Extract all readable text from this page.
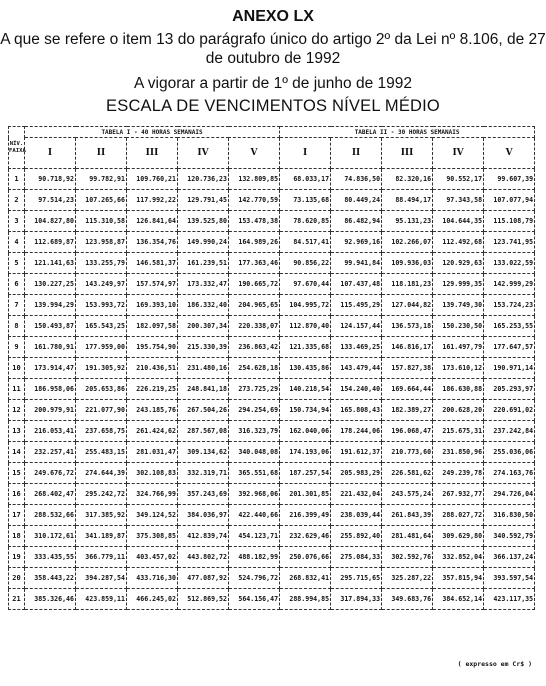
ANEXO LX
A que se refere o item 13 do parágrafo único do artigo 2º da Lei nº 8.106, de 27 de outubro de 1992
A vigorar a partir de 1º de junho de 1992
ESCALA DE VENCIMENTOS NÍVEL MÉDIO
NÍV. FAIXA	TABELA I - 40 HORAS SEMANAIS					TABELA II - 30 HORAS SEMANAIS				
	I	II	III	IV	V	I	II	III	IV	V
1	90.718,92	99.782,91	109.760,21	120.736,23	132.809,85	68.033,17	74.836,50	82.320,16	90.552,17	99.607,39
2	97.514,23	107.265,66	117.992,22	129.791,45	142.770,59	73.135,68	80.449,24	88.494,17	97.343,58	107.077,94
3	104.827,80	115.310,58	126.841,64	139.525,80	153.478,38	78.620,85	86.482,94	95.131,23	104.644,35	115.108,79
4	112.689,87	123.958,87	136.354,76	149.990,24	164.989,26	84.517,41	92.969,16	102.266,07	112.492,68	123.741,95
5	121.141,63	133.255,79	146.581,37	161.239,51	177.363,46	90.856,22	99.941,84	109.936,03	120.929,63	133.022,59
6	130.227,25	143.249,97	157.574,97	173.332,47	190.665,72	97.670,44	107.437,48	118.181,23	129.999,35	142.999,29
7	139.994,29	153.993,72	169.393,10	186.332,40	204.965,65	104.995,72	115.495,29	127.044,82	139.749,30	153.724,23
8	150.493,87	165.543,25	182.097,58	200.307,34	220.338,07	112.870,40	124.157,44	136.573,18	150.230,50	165.253,55
9	161.780,91	177.959,00	195.754,90	215.330,39	236.863,42	121.335,68	133.469,25	146.816,17	161.497,79	177.647,57
10	173.914,47	191.305,92	210.436,51	231.480,16	254.628,18	130.435,86	143.479,44	157.827,38	173.610,12	190.971,14
11	186.958,06	205.653,86	226.219,25	248.841,18	273.725,29	140.218,54	154.240,40	169.664,44	186.630,88	205.293,97
12	200.979,91	221.077,90	243.185,76	267.504,26	294.254,69	150.734,94	165.808,43	182.389,27	200.628,20	220.691,02
13	216.053,41	237.658,75	261.424,62	287.567,08	316.323,79	162.040,06	178.244,06	196.068,47	215.675,31	237.242,84
14	232.257,41	255.483,15	281.031,47	309.134,62	340.048,08	174.193,06	191.612,37	210.773,60	231.850,96	255.036,06
15	249.676,72	274.644,39	302.108,83	332.319,71	365.551,68	187.257,54	205.983,29	226.581,62	249.239,78	274.163,76
16	268.402,47	295.242,72	324.766,99	357.243,69	392.968,06	201.301,85	221.432,04	243.575,24	267.932,77	294.726,04
17	288.532,66	317.385,92	349.124,52	384.036,97	422.440,66	216.399,49	238.039,44	261.843,39	288.027,72	316.830,50
18	310.172,61	341.189,87	375.308,85	412.839,74	454.123,71	232.629,46	255.892,40	281.481,64	309.629,80	340.592,79
19	333.435,55	366.779,11	403.457,02	443.802,72	488.182,99	250.076,66	275.084,33	302.592,76	332.852,04	366.137,24
20	358.443,22	394.287,54	433.716,30	477.087,92	524.796,72	268.832,41	295.715,65	325.287,22	357.815,94	393.597,54
21	385.326,46	423.859,11	466.245,02	512.869,52	564.156,47	288.994,85	317.894,33	349.683,76	384.652,14	423.117,35
( expresso em Cr$ )
